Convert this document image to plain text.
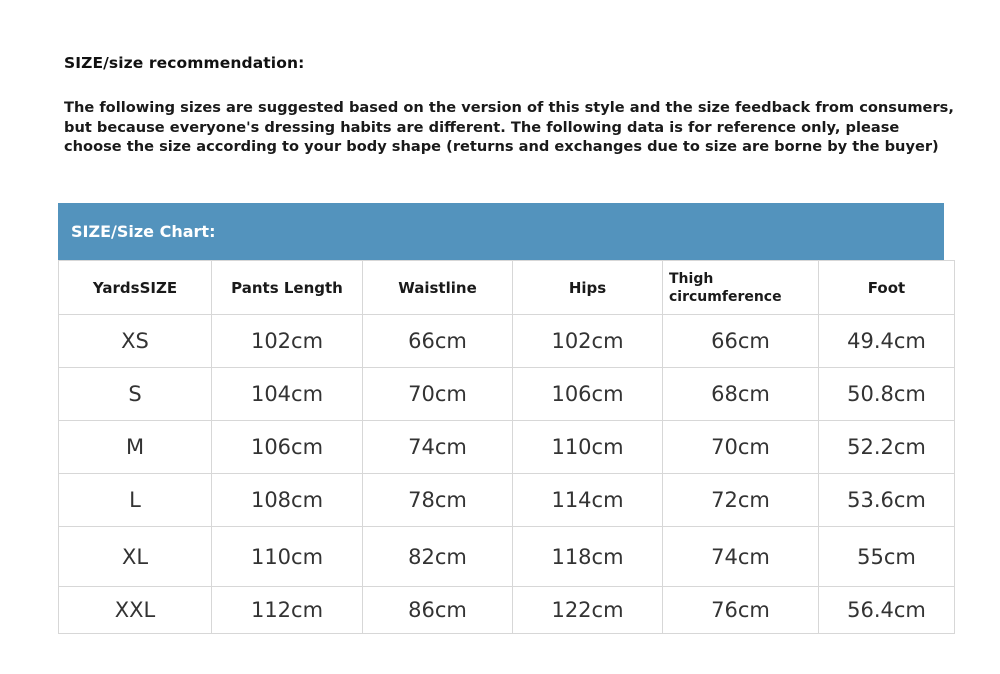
SIZE/size recommendation:
The following sizes are suggested based on the version of this style and the size feedback from consumers,
but because everyone's dressing habits are different. The following data is for reference only, please
choose the size according to your body shape (returns and exchanges due to size are borne by the buyer)
SIZE/Size Chart:
YardsSIZE	Pants Length	Waistline	Hips	Thigh circumference	Foot
XS	102cm	66cm	102cm	66cm	49.4cm
S	104cm	70cm	106cm	68cm	50.8cm
M	106cm	74cm	110cm	70cm	52.2cm
L	108cm	78cm	114cm	72cm	53.6cm
XL	110cm	82cm	118cm	74cm	55cm
XXL	112cm	86cm	122cm	76cm	56.4cm
